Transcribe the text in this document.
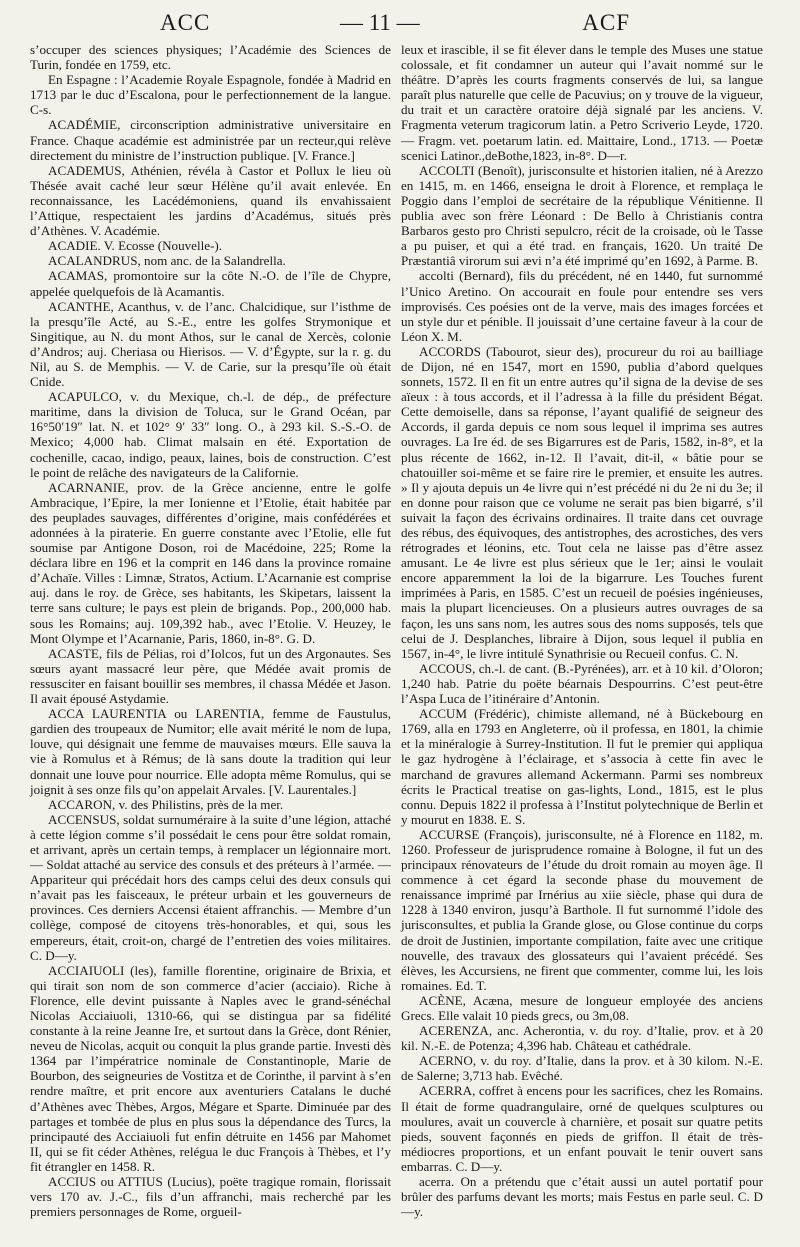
ACC	— 11 —	ACF

s’occuper des sciences physiques; l’Académie des Sciences de Turin, fondée en 1759, etc.

En Espagne : l’Academie Royale Espagnole, fondée à Madrid en 1713 par le duc d’Escalona, pour le perfectionnement de la langue. C-s.

ACADÉMIE, circonscription administrative universitaire en France. Chaque académie est administrée par un recteur,qui relève directement du ministre de l’instruction publique. [V. France.]

ACADEMUS, Athénien, révéla à Castor et Pollux le lieu où Thésée avait caché leur sœur Hélène qu’il avait enlevée. En reconnaissance, les Lacédémoniens, quand ils envahissaient l’Attique, respectaient les jardins d’Académus, situés près d’Athènes. V. Académie.

ACADIE. V. Ecosse (Nouvelle-).

ACALANDRUS, nom anc. de la Salandrella.

ACAMAS, promontoire sur la côte N.-O. de l’île de Chypre, appelée quelquefois de là Acamantis.

ACANTHE, Acanthus, v. de l’anc. Chalcidique, sur l’isthme de la presqu’île Acté, au S.-E., entre les golfes Strymonique et Singitique, au N. du mont Athos, sur le canal de Xercès, colonie d’Andros; auj. Cheriasa ou Hierisos. — V. d’Égypte, sur la r. g. du Nil, au S. de Memphis. — V. de Carie, sur la presqu’île où était Cnide.

ACAPULCO, v. du Mexique, ch.-l. de dép., de préfecture maritime, dans la division de Toluca, sur le Grand Océan, par 16°50′19″ lat. N. et 102° 9′ 33″ long. O., à 293 kil. S.-S.-O. de Mexico; 4,000 hab. Climat malsain en été. Exportation de cochenille, cacao, indigo, peaux, laines, bois de construction. C’est le point de relâche des navigateurs de la Californie.

ACARNANIE, prov. de la Grèce ancienne, entre le golfe Ambracique, l’Epire, la mer Ionienne et l’Etolie, était habitée par des peuplades sauvages, différentes d’origine, mais confédérées et adonnées à la piraterie. En guerre constante avec l’Etolie, elle fut soumise par Antigone Doson, roi de Macédoine, 225; Rome la déclara libre en 196 et la comprit en 146 dans la province romaine d’Achaïe. Villes : Limnæ, Stratos, Actium. L’Acarnanie est comprise auj. dans le roy. de Grèce, ses habitants, les Skipetars, laissent la terre sans culture; le pays est plein de brigands. Pop., 200,000 hab. sous les Romains; auj. 109,392 hab., avec l’Etolie. V. Heuzey, le Mont Olympe et l’Acarnanie, Paris, 1860, in-8°. G. D.

ACASTE, fils de Pélias, roi d’Iolcos, fut un des Argonautes. Ses sœurs ayant massacré leur père, que Médée avait promis de ressusciter en faisant bouillir ses membres, il chassa Médée et Jason. Il avait épousé Astydamie.

ACCA LAURENTIA ou LARENTIA, femme de Faustulus, gardien des troupeaux de Numitor; elle avait mérité le nom de lupa, louve, qui désignait une femme de mauvaises mœurs. Elle sauva la vie à Romulus et à Rémus; de là sans doute la tradition qui leur donnait une louve pour nourrice. Elle adopta même Romulus, qui se joignit à ses onze fils qu’on appelait Arvales. [V. Laurentales.]

ACCARON, v. des Philistins, près de la mer.

ACCENSUS, soldat surnuméraire à la suite d’une légion, attaché à cette légion comme s’il possédait le cens pour être soldat romain, et arrivant, après un certain temps, à remplacer un légionnaire mort. — Soldat attaché au service des consuls et des préteurs à l’armée. — Appariteur qui précédait hors des camps celui des deux consuls qui n’avait pas les faisceaux, le préteur urbain et les gouverneurs de provinces. Ces derniers Accensi étaient affranchis. — Membre d’un collège, composé de citoyens très-honorables, et qui, sous les empereurs, était, croit-on, chargé de l’entretien des voies militaires. C. D—y.

ACCIAIUOLI (les), famille florentine, originaire de Brixia, et qui tirait son nom de son commerce d’acier (acciaio). Riche à Florence, elle devint puissante à Naples avec le grand-sénéchal Nicolas Acciaiuoli, 1310-66, qui se distingua par sa fidélité constante à la reine Jeanne Ire, et surtout dans la Grèce, dont Rénier, neveu de Nicolas, acquit ou conquit la plus grande partie. Investi dès 1364 par l’impératrice nominale de Constantinople, Marie de Bourbon, des seigneuries de Vostitza et de Corinthe, il parvint à s’en rendre maître, et prit encore aux aventuriers Catalans le duché d’Athènes avec Thèbes, Argos, Mégare et Sparte. Diminuée par des partages et tombée de plus en plus sous la dépendance des Turcs, la principauté des Acciaiuoli fut enfin détruite en 1456 par Mahomet II, qui se fit céder Athènes, relégua le duc François à Thèbes, et l’y fit étrangler en 1458. R.

ACCIUS ou ATTIUS (Lucius), poëte tragique romain, florissait vers 170 av. J.-C., fils d’un affranchi, mais recherché par les premiers personnages de Rome, orgueil-

leux et irascible, il se fit élever dans le temple des Muses une statue colossale, et fit condamner un auteur qui l’avait nommé sur le théâtre. D’après les courts fragments conservés de lui, sa langue paraît plus naturelle que celle de Pacuvius; on y trouve de la vigueur, du trait et un caractère oratoire déjà signalé par les anciens. V. Fragmenta veterum tragicorum latin. a Petro Scriverio Leyde, 1720. — Fragm. vet. poetarum latin. ed. Maittaire, Lond., 1713. — Poetæ scenici Latinor.,deBothe,1823, in-8°. D—r.

ACCOLTI (Benoît), jurisconsulte et historien italien, né à Arezzo en 1415, m. en 1466, enseigna le droit à Florence, et remplaça le Poggio dans l’emploi de secrétaire de la république Vénitienne. Il publia avec son frère Léonard : De Bello à Christianis contra Barbaros gesto pro Christi sepulcro, récit de la croisade, où le Tasse a pu puiser, et qui a été trad. en français, 1620. Un traité De Præstantiâ virorum sui ævi n’a été imprimé qu’en 1692, à Parme. B.

accolti (Bernard), fils du précédent, né en 1440, fut surnommé l’Unico Aretino. On accourait en foule pour entendre ses vers improvisés. Ces poésies ont de la verve, mais des images forcées et un style dur et pénible. Il jouissait d’une certaine faveur à la cour de Léon X. M.

ACCORDS (Tabourot, sieur des), procureur du roi au bailliage de Dijon, né en 1547, mort en 1590, publia d’abord quelques sonnets, 1572. Il en fit un entre autres qu’il signa de la devise de ses aïeux : à tous accords, et il l’adressa à la fille du président Bégat. Cette demoiselle, dans sa réponse, l’ayant qualifié de seigneur des Accords, il garda depuis ce nom sous lequel il imprima ses autres ouvrages. La Ire éd. de ses Bigarrures est de Paris, 1582, in-8°, et la plus récente de 1662, in-12. Il l’avait, dit-il, « bâtie pour se chatouiller soi-même et se faire rire le premier, et ensuite les autres. » Il y ajouta depuis un 4e livre qui n’est précédé ni du 2e ni du 3e; il en donne pour raison que ce volume ne serait pas bien bigarré, s’il suivait la façon des écrivains ordinaires. Il traite dans cet ouvrage des rébus, des équivoques, des antistrophes, des acrostiches, des vers rétrogrades et léonins, etc. Tout cela ne laisse pas d’être assez amusant. Le 4e livre est plus sérieux que le 1er; ainsi le voulait encore apparemment la loi de la bigarrure. Les Touches furent imprimées à Paris, en 1585. C’est un recueil de poésies ingénieuses, mais la plupart licencieuses. On a plusieurs autres ouvrages de sa façon, les uns sans nom, les autres sous des noms supposés, tels que celui de J. Desplanches, libraire à Dijon, sous lequel il publia en 1567, in-4°, le livre intitulé Synathrisie ou Recueil confus. C. N.

ACCOUS, ch.-l. de cant. (B.-Pyrénées), arr. et à 10 kil. d’Oloron; 1,240 hab. Patrie du poëte béarnais Despourrins. C’est peut-être l’Aspa Luca de l’itinéraire d’Antonin.

ACCUM (Frédéric), chimiste allemand, né à Bückebourg en 1769, alla en 1793 en Angleterre, où il professa, en 1801, la chimie et la minéralogie à Surrey-Institution. Il fut le premier qui appliqua le gaz hydrogène à l’éclairage, et s’associa à cette fin avec le marchand de gravures allemand Ackermann. Parmi ses nombreux écrits le Practical treatise on gas-lights, Lond., 1815, est le plus connu. Depuis 1822 il professa à l’Institut polytechnique de Berlin et y mourut en 1838. E. S.

ACCURSE (François), jurisconsulte, né à Florence en 1182, m. 1260. Professeur de jurisprudence romaine à Bologne, il fut un des principaux rénovateurs de l’étude du droit romain au moyen âge. Il commence à cet égard la seconde phase du mouvement de renaissance imprimé par Irnérius au xiie siècle, phase qui dura de 1228 à 1340 environ, jusqu’à Barthole. Il fut surnommé l’idole des jurisconsultes, et publia la Grande glose, ou Glose continue du corps de droit de Justinien, importante compilation, faite avec une critique nouvelle, des travaux des glossateurs qui l’avaient précédé. Ses élèves, les Accursiens, ne firent que commenter, comme lui, les lois romaines. Ed. T.

ACÈNE, Acæna, mesure de longueur employée des anciens Grecs. Elle valait 10 pieds grecs, ou 3m,08.

ACERENZA, anc. Acherontia, v. du roy. d’Italie, prov. et à 20 kil. N.-E. de Potenza; 4,396 hab. Château et cathédrale.

ACERNO, v. du roy. d’Italie, dans la prov. et à 30 kilom. N.-E. de Salerne; 3,713 hab. Evêché.

ACERRA, coffret à encens pour les sacrifices, chez les Romains. Il était de forme quadrangulaire, orné de quelques sculptures ou moulures, avait un couvercle à charnière, et posait sur quatre petits pieds, souvent façonnés en pieds de griffon. Il était de très-médiocres proportions, et un enfant pouvait le tenir ouvert sans embarras. C. D—y.

acerra. On a prétendu que c’était aussi un autel portatif pour brûler des parfums devant les morts; mais Festus en parle seul. C. D—y.
